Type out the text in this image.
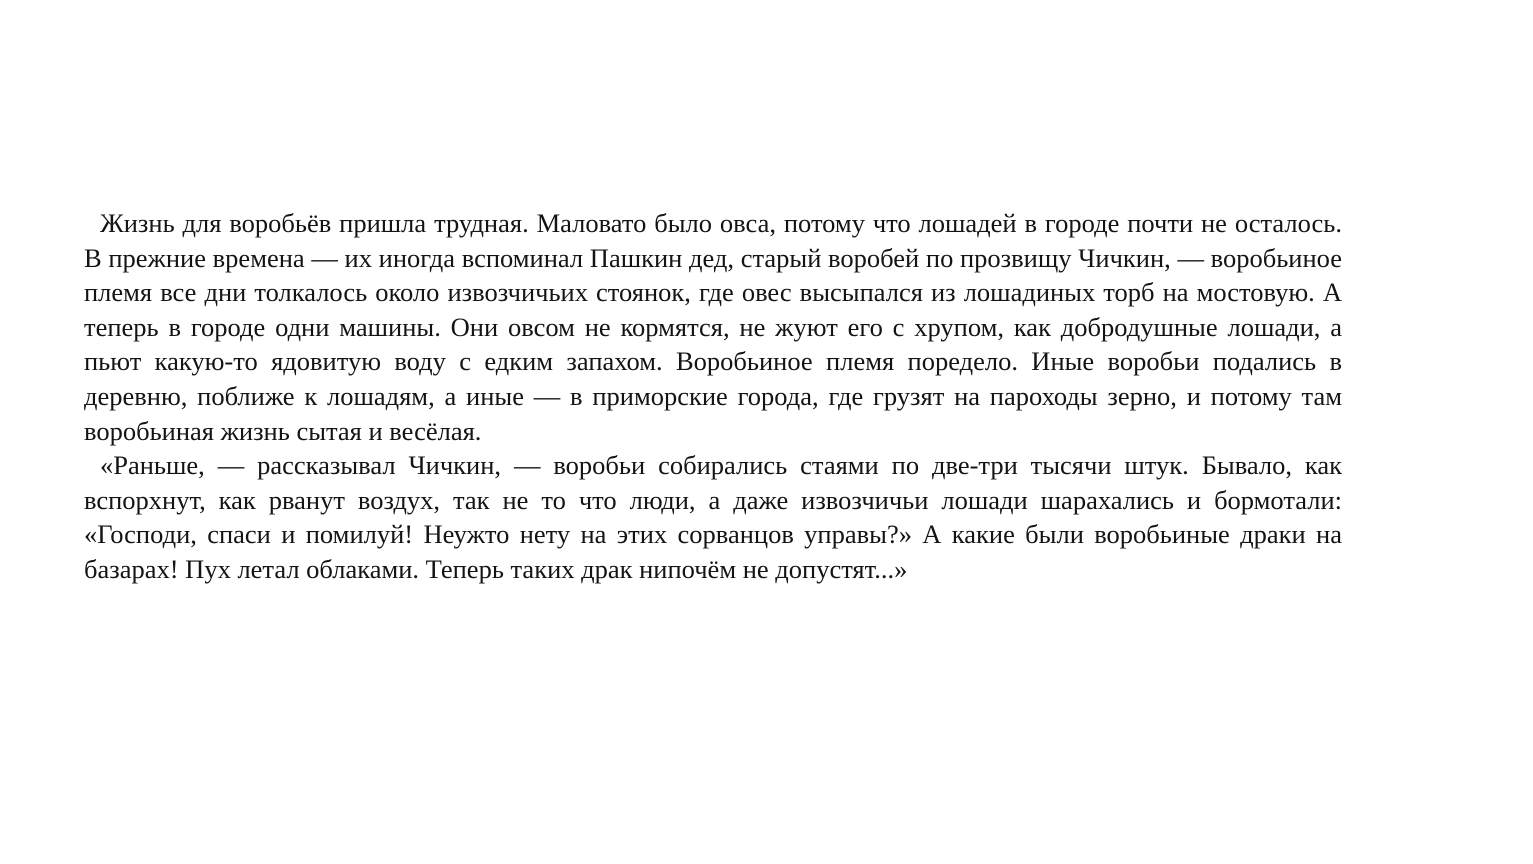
Жизнь для воробьёв пришла трудная. Маловато было овса, потому что лошадей в городе почти не осталось. В прежние времена — их иногда вспоминал Пашкин дед, старый воробей по прозвищу Чичкин, — воробьиное племя все дни толкалось около извозчичьих стоянок, где овес высыпался из лошадиных торб на мостовую. А теперь в городе одни машины. Они овсом не кормятся, не жуют его с хрупом, как добродушные лошади, а пьют какую-то ядовитую воду с едким запахом. Воробьиное племя поредело. Иные воробьи подались в деревню, поближе к лошадям, а иные — в приморские города, где грузят на пароходы зерно, и потому там воробьиная жизнь сытая и весёлая.

«Раньше, — рассказывал Чичкин, — воробьи собирались стаями по две-три тысячи штук. Бывало, как вспорхнут, как рванут воздух, так не то что люди, а даже извозчичьи лошади шарахались и бормотали: «Господи, спаси и помилуй! Неужто нету на этих сорванцов управы?» А какие были воробьиные драки на базарах! Пух летал облаками. Теперь таких драк нипочём не допустят...»
